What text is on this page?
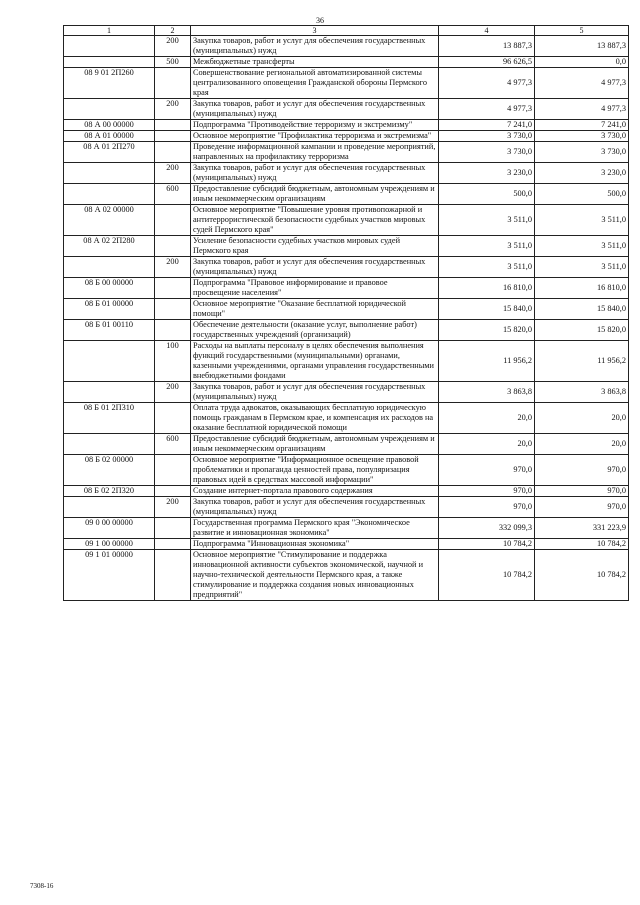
36
1	2	3	4	5
	200	Закупка товаров, работ и услуг для обеспечения государственных (муниципальных) нужд	13 887,3	13 887,3
	500	Межбюджетные трансферты	96 626,5	0,0
08 9 01 2П260		Совершенствование региональной автоматизированной системы централизованного оповещения Гражданской обороны Пермского края	4 977,3	4 977,3
	200	Закупка товаров, работ и услуг для обеспечения государственных (муниципальных) нужд	4 977,3	4 977,3
08 А 00 00000		Подпрограмма "Противодействие терроризму и экстремизму"	7 241,0	7 241,0
08 А 01 00000		Основное мероприятие "Профилактика терроризма и экстремизма"	3 730,0	3 730,0
08 А 01 2П270		Проведение информационной кампании и проведение мероприятий, направленных на профилактику терроризма	3 730,0	3 730,0
	200	Закупка товаров, работ и услуг для обеспечения государственных (муниципальных) нужд	3 230,0	3 230,0
	600	Предоставление субсидий бюджетным, автономным учреждениям и иным некоммерческим организациям	500,0	500,0
08 А 02 00000		Основное мероприятие "Повышение уровня противопожарной и антитеррористической безопасности судебных участков мировых судей Пермского края"	3 511,0	3 511,0
08 А 02 2П280		Усиление безопасности судебных участков мировых судей Пермского края	3 511,0	3 511,0
	200	Закупка товаров, работ и услуг для обеспечения государственных (муниципальных) нужд	3 511,0	3 511,0
08 Б 00 00000		Подпрограмма "Правовое информирование и правовое просвещение населения"	16 810,0	16 810,0
08 Б 01 00000		Основное мероприятие "Оказание бесплатной юридической помощи"	15 840,0	15 840,0
08 Б 01 00110		Обеспечение деятельности (оказание услуг, выполнение работ) государственных учреждений (организаций)	15 820,0	15 820,0
	100	Расходы на выплаты персоналу в целях обеспечения выполнения функций государственными (муниципальными) органами, казенными учреждениями, органами управления государственными внебюджетными фондами	11 956,2	11 956,2
	200	Закупка товаров, работ и услуг для обеспечения государственных (муниципальных) нужд	3 863,8	3 863,8
08 Б 01 2П310		Оплата труда адвокатов, оказывающих бесплатную юридическую помощь гражданам в Пермском крае, и компенсация их расходов на оказание бесплатной юридической помощи	20,0	20,0
	600	Предоставление субсидий бюджетным, автономным учреждениям и иным некоммерческим организациям	20,0	20,0
08 Б 02 00000		Основное мероприятие "Информационное освещение правовой проблематики и пропаганда ценностей права, популяризация правовых идей в средствах массовой информации"	970,0	970,0
08 Б 02 2П320		Создание интернет-портала правового содержания	970,0	970,0
	200	Закупка товаров, работ и услуг для обеспечения государственных (муниципальных) нужд	970,0	970,0
09 0 00 00000		Государственная программа Пермского края "Экономическое развитие и инновационная экономика"	332 099,3	331 223,9
09 1 00 00000		Подпрограмма "Инновационная экономика"	10 784,2	10 784,2
09 1 01 00000		Основное мероприятие "Стимулирование и поддержка инновационной активности субъектов экономической, научной и научно-технической деятельности Пермского края, а также стимулирование и поддержка создания новых инновационных предприятий"	10 784,2	10 784,2
7308-16
